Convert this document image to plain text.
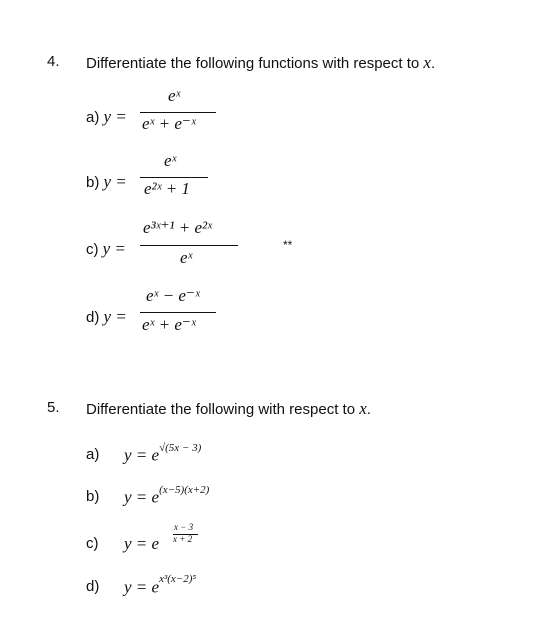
4. Differentiate the following functions with respect to x.
a) y =
eˣ
eˣ + e⁻ˣ
b) y =
eˣ
e²ˣ + 1
c) y =
e³ˣ⁺¹ + e²ˣ
eˣ
**
d) y =
eˣ − e⁻ˣ
eˣ + e⁻ˣ
5. Differentiate the following with respect to x.
a) $y = e^{√(5x - 3)}$
b) $y = e^{(x-5)(x+2)}$
c) y = e
x − 3
x + 2
d) $y = e^{x^3(x-2)^5}$
